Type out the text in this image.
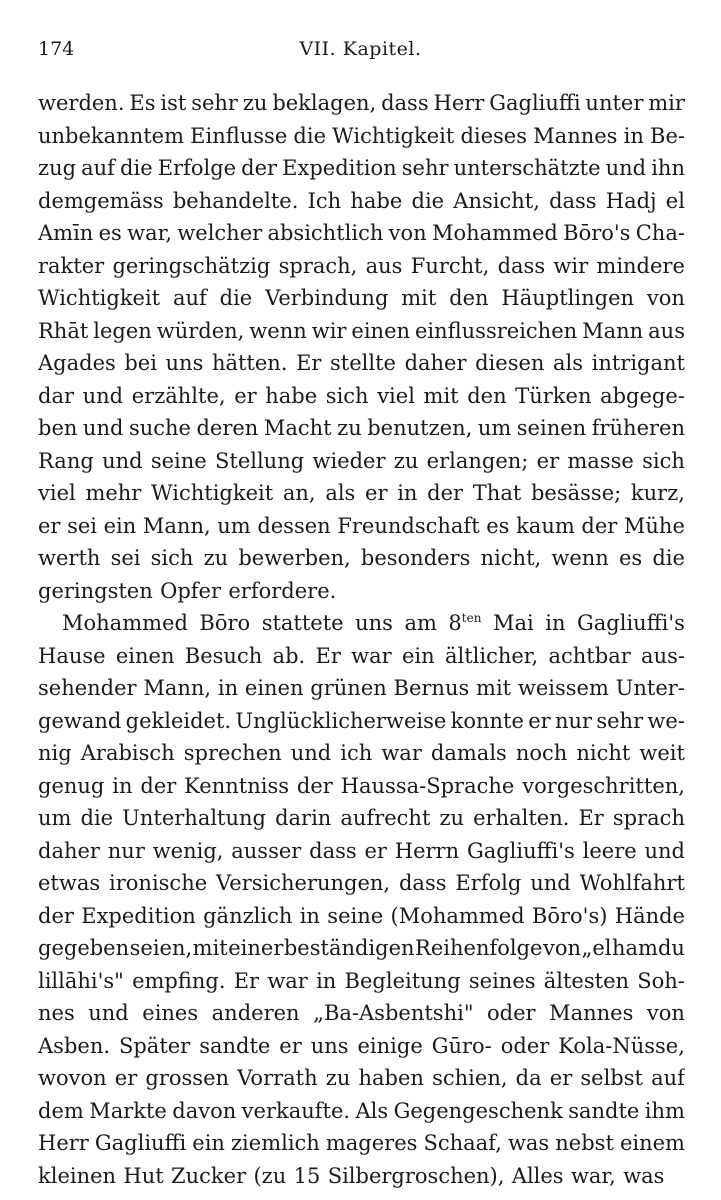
174	VII. Kapitel.
werden. Es ist sehr zu beklagen, dass Herr Gagliuffi unter mir
unbekanntem Einflusse die Wichtigkeit dieses Mannes in Be-
zug auf die Erfolge der Expedition sehr unterschätzte und ihn
demgemäss behandelte. Ich habe die Ansicht, dass Hadj el
Amīn es war, welcher absichtlich von Mohammed Bōro's Cha-
rakter geringschätzig sprach, aus Furcht, dass wir mindere
Wichtigkeit auf die Verbindung mit den Häuptlingen von
Rhāt legen würden, wenn wir einen einflussreichen Mann aus
Agades bei uns hätten. Er stellte daher diesen als intrigant
dar und erzählte, er habe sich viel mit den Türken abgege-
ben und suche deren Macht zu benutzen, um seinen früheren
Rang und seine Stellung wieder zu erlangen; er masse sich
viel mehr Wichtigkeit an, als er in der That besässe; kurz,
er sei ein Mann, um dessen Freundschaft es kaum der Mühe
werth sei sich zu bewerben, besonders nicht, wenn es die
geringsten Opfer erfordere.
Mohammed Bōro stattete uns am $8^{ten}$ Mai in Gagliuffi's
Hause einen Besuch ab. Er war ein ältlicher, achtbar aus-
sehender Mann, in einen grünen Bernus mit weissem Unter-
gewand gekleidet. Unglücklicherweise konnte er nur sehr we-
nig Arabisch sprechen und ich war damals noch nicht weit
genug in der Kenntniss der Haussa-Sprache vorgeschritten,
um die Unterhaltung darin aufrecht zu erhalten. Er sprach
daher nur wenig, ausser dass er Herrn Gagliuffi's leere und
etwas ironische Versicherungen, dass Erfolg und Wohlfahrt
der Expedition gänzlich in seine (Mohammed Bōro's) Hände
gegeben seien, mit einer beständigen Reihenfolge von „el hamdu
lillāhi's" empfing. Er war in Begleitung seines ältesten Soh-
nes und eines anderen „Ba-Asbentshi" oder Mannes von
Asben. Später sandte er uns einige Gūro- oder Kola-Nüsse,
wovon er grossen Vorrath zu haben schien, da er selbst auf
dem Markte davon verkaufte. Als Gegengeschenk sandte ihm
Herr Gagliuffi ein ziemlich mageres Schaaf, was nebst einem
kleinen Hut Zucker (zu 15 Silbergroschen), Alles war, was
